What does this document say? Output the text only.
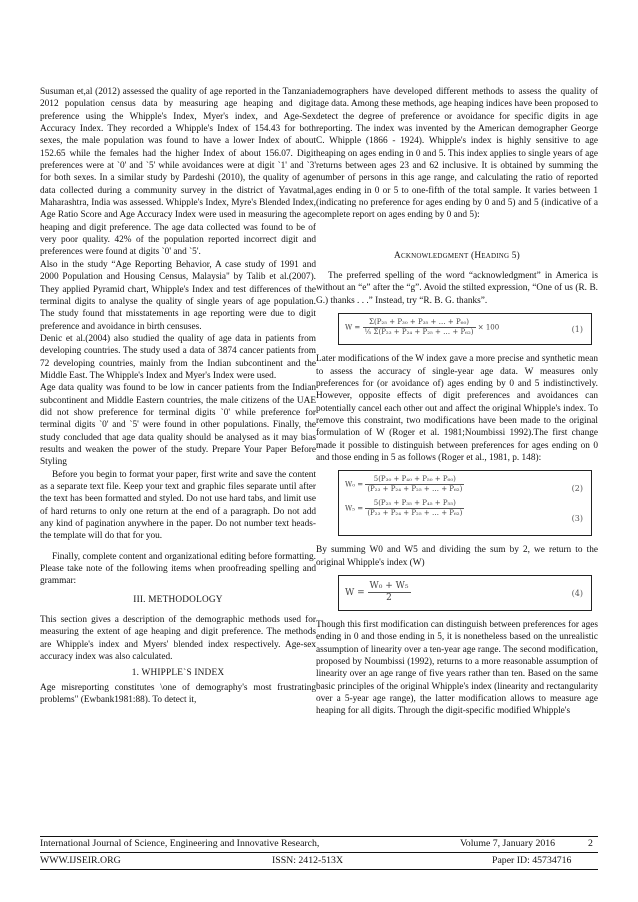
Susuman et,al (2012) assessed the quality of age reported in the Tanzania 2012 population census data by measuring age heaping and digit preference using the Whipple's Index, Myer's index, and Age-Sex Accuracy Index. They recorded a Whipple's Index of 154.43 for both sexes, the male population was found to have a lower Index of about 152.65 while the females had the higher Index of about 156.07. Digit preferences were at `0' and `5' while avoidances were at digit `1' and `3' for both sexes. In a similar study by Pardeshi (2010), the quality of age data collected during a community survey in the district of Yavatmal, Maharashtra, India was assessed. Whipple's Index, Myre's Blended Index, Age Ratio Score and Age Accuracy Index were used in measuring the age heaping and digit preference. The age data collected was found to be of very poor quality. 42% of the population reported incorrect digit and preferences were found at digits `0' and `5'.

Also in the study “Age Reporting Behavior, A case study of 1991 and 2000 Population and Housing Census, Malaysia" by Talib et al.(2007). They applied Pyramid chart, Whipple's Index and test differences of the terminal digits to analyse the quality of single years of age population. The study found that misstatements in age reporting were due to digit preference and avoidance in birth censuses.

Denic et al.(2004) also studied the quality of age data in patients from developing countries. The study used a data of 3874 cancer patients from 72 developing countries, mainly from the Indian subcontinent and the Middle East. The Whipple's Index and Myer's Index were used.

Age data quality was found to be low in cancer patients from the Indian subcontinent and Middle Eastern countries, the male citizens of the UAE did not show preference for terminal digits `0' while preference for terminal digits `0' and `5' were found in other populations. Finally, the study concluded that age data quality should be analysed as it may bias results and weaken the power of the study. Prepare Your Paper Before Styling

Before you begin to format your paper, first write and save the content as a separate text file. Keep your text and graphic files separate until after the text has been formatted and styled. Do not use hard tabs, and limit use of hard returns to only one return at the end of a paragraph. Do not add any kind of pagination anywhere in the paper. Do not number text heads-the template will do that for you.

Finally, complete content and organizational editing before formatting. Please take note of the following items when proofreading spelling and grammar:

III. METHODOLOGY

This section gives a description of the demographic methods used for measuring the extent of age heaping and digit preference. The methods are Whipple's index and Myers' blended index respectively. Age-sex accuracy index was also calculated.

1. WHIPPLE`S INDEX

Age misreporting constitutes \one of demography's most frustrating problems" (Ewbank1981:88). To detect it,

demographers have developed different methods to assess the quality of age data. Among these methods, age heaping indices have been proposed to detect the degree of preference or avoidance for specific digits in age reporting. The index was invented by the American demographer George C. Whipple (1866 - 1924). Whipple's index is highly sensitive to age heaping on ages ending in 0 and 5. This index applies to single years of age returns between ages 23 and 62 inclusive. It is obtained by summing the number of persons in this age range, and calculating the ratio of reported ages ending in 0 or 5 to one-fifth of the total sample. It varies between 1 (indicating no preference for ages ending by 0 and 5) and 5 (indicative of a complete report on ages ending by 0 and 5):

Acknowledgment (Heading 5)

The preferred spelling of the word “acknowledgment” in America is without an “e” after the “g”. Avoid the stilted expression, “One of us (R. B. G.) thanks . . .” Instead, try “R. B. G. thanks”.

$W = \frac{\text{Σ(P₂₅ + P₃₀ + P₃₅ + … + P₆₀)}}{\text{⅕ Σ(P₂₃ + P₂₄ + P₂₅ + … + P₆₂)}} \times 100$	(1)

Later modifications of the W index gave a more precise and synthetic mean to assess the accuracy of single-year age data. W measures only preferences for (or avoidance of) ages ending by 0 and 5 indistinctively. However, opposite effects of digit preferences and avoidances can potentially cancel each other out and affect the original Whipple's index. To remove this constraint, two modifications have been made to the original formulation of W (Roger et al. 1981;Noumbissi 1992).The first change made it possible to distinguish between preferences for ages ending on 0 and those ending in 5 as follows (Roger et al., 1981, p. 148):

$W_0 = \frac{\text{5(P₃₀ + P₄₀ + P₅₀ + P₆₀)}}{\text{(P₂₃ + P₂₄ + P₂₅ + … + P₆₂)}}$	(2)
$W_5 = \frac{\text{5(P₂₅ + P₃₅ + P₄₅ + P₅₅)}}{\text{(P₂₃ + P₂₄ + P₂₅ + … + P₆₂)}}$
(3)

By summing W0 and W5 and dividing the sum by 2, we return to the original Whipple's index (W)

$W = \frac{\text{W₀ + W₅}}{2}$	(4)

Though this first modification can distinguish between preferences for ages ending in 0 and those ending in 5, it is nonetheless based on the unrealistic assumption of linearity over a ten-year age range. The second modification, proposed by Noumbissi (1992), returns to a more reasonable assumption of linearity over an age range of five years rather than ten. Based on the same basic principles of the original Whipple's index (linearity and rectangularity over a 5-year age range), the latter modification allows to measure age heaping for all digits. Through the digit-specific modified Whipple's

International Journal of Science, Engineering and Innovative Research,	Volume 7, January 2016	2
WWW.IJSEIR.ORG	ISSN: 2412-513X	Paper ID: 45734716
